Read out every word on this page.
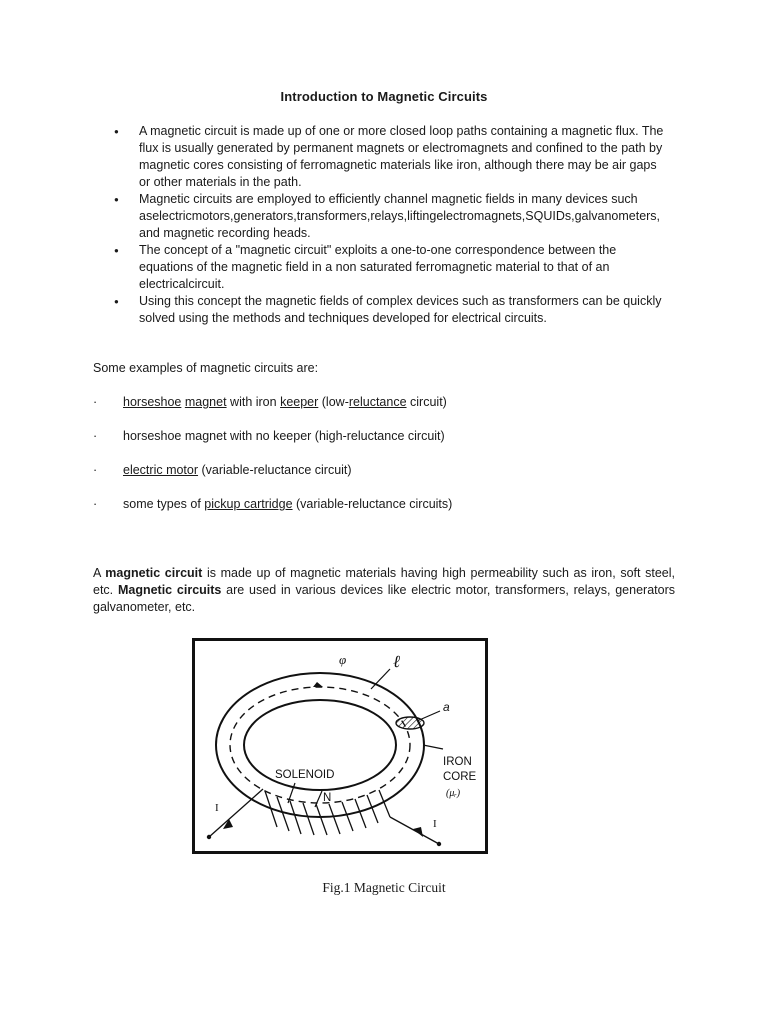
Introduction to Magnetic Circuits
● A magnetic circuit is made up of one or more closed loop paths containing a magnetic flux. The flux is usually generated by permanent magnets or electromagnets and confined to the path by magnetic cores consisting of ferromagnetic materials like iron, although there may be air gaps or other materials in the path.
● Magnetic circuits are employed to efficiently channel magnetic fields in many devices such aselectricmotors,generators,transformers,relays,liftingelectromagnets,SQUIDs,galvanometers, and magnetic recording heads.
● The concept of a "magnetic circuit" exploits a one-to-one correspondence between the equations of the magnetic field in a non saturated ferromagnetic material to that of an electricalcircuit.
● Using this concept the magnetic fields of complex devices such as transformers can be quickly solved using the methods and techniques developed for electrical circuits.
Some examples of magnetic circuits are:
· horseshoe magnet with iron keeper (low-reluctance circuit)
· horseshoe magnet with no keeper (high-reluctance circuit)
· electric motor (variable-reluctance circuit)
· some types of pickup cartridge (variable-reluctance circuits)
A magnetic circuit is made up of magnetic materials having high permeability such as iron, soft steel, etc. Magnetic circuits are used in various devices like electric motor, transformers, relays, generators galvanometer, etc.
φ	ℓ
a
IRON
CORE
(μᵣ)
SOLENOID
N
I
I
Fig.1 Magnetic Circuit
